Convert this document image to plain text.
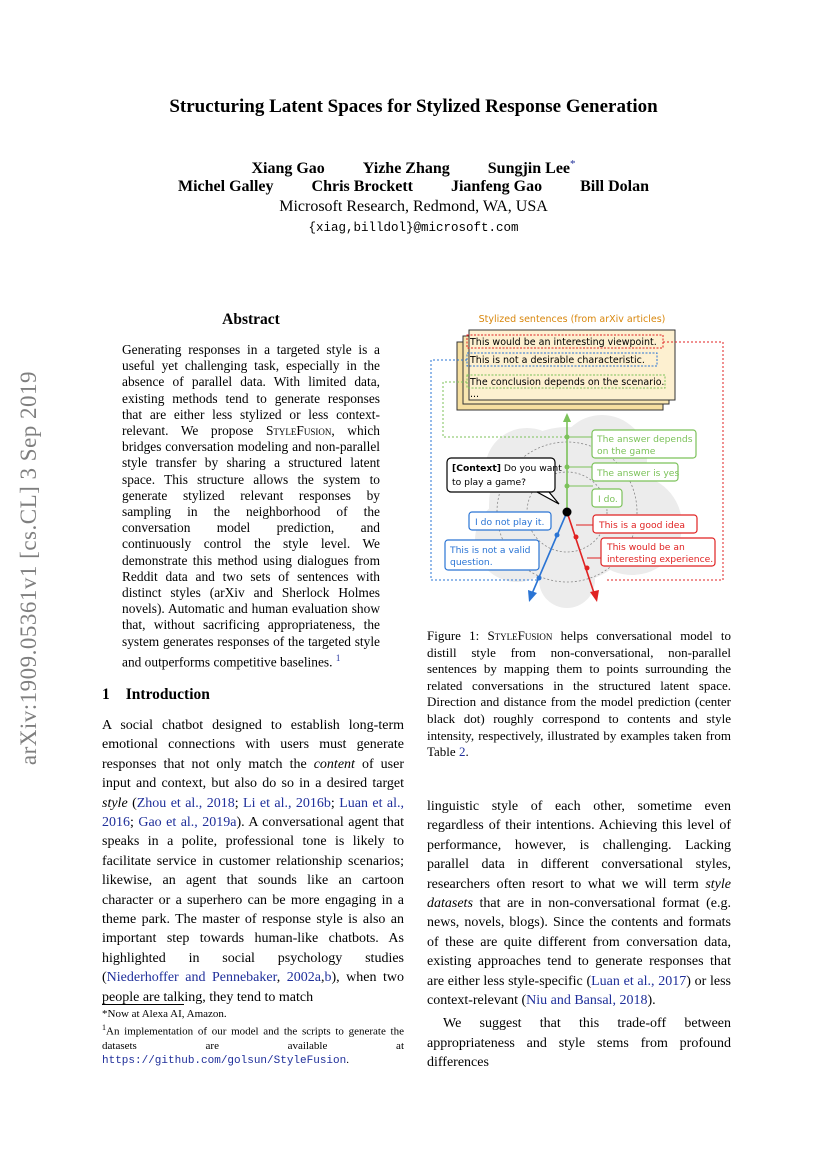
arXiv:1909.05361v1 [cs.CL] 3 Sep 2019
Structuring Latent Spaces for Stylized Response Generation
Xiang Gao Yizhe Zhang Sungjin Lee*
Michel Galley Chris Brockett Jianfeng Gao Bill Dolan
Microsoft Research, Redmond, WA, USA
{xiag,billdol}@microsoft.com
Abstract
Generating responses in a targeted style is a useful yet challenging task, especially in the absence of parallel data. With limited data, existing methods tend to generate responses that are either less stylized or less context-relevant. We propose StyleFusion, which bridges conversation modeling and non-parallel style transfer by sharing a structured latent space. This structure allows the system to generate stylized relevant responses by sampling in the neighborhood of the conversation model prediction, and continuously control the style level. We demonstrate this method using dialogues from Reddit data and two sets of sentences with distinct styles (arXiv and Sherlock Holmes novels). Automatic and human evaluation show that, without sacrificing appropriateness, the system generates responses of the targeted style and outperforms competitive baselines. $^1$
1 Introduction

A social chatbot designed to establish long-term emotional connections with users must generate responses that not only match the content of user input and context, but also do so in a desired target style (Zhou et al., 2018; Li et al., 2016b; Luan et al., 2016; Gao et al., 2019a). A conversational agent that speaks in a polite, professional tone is likely to facilitate service in customer relationship scenarios; likewise, an agent that sounds like an cartoon character or a superhero can be more engaging in a theme park. The master of response style is also an important step towards human-like chatbots. As highlighted in social psychology studies (Niederhoffer and Pennebaker, 2002a,b), when two people are talking, they tend to match

*Now at Alexa AI, Amazon.
$^1$An implementation of our model and the scripts to generate the datasets are available at https://github.com/golsun/StyleFusion.
Stylized sentences (from arXiv articles)
This would be an interesting viewpoint.
This is not a desirable characteristic.
The conclusion depends on the scenario.
...
[Context] Do you want
to play a game?
The answer depends
on the game
The answer is yes
I do.
This is a good idea
This would be an
interesting experience.
I do not play it.
This is not a valid
question.
Figure 1: StyleFusion helps conversational model to distill style from non-conversational, non-parallel sentences by mapping them to points surrounding the related conversations in the structured latent space. Direction and distance from the model prediction (center black dot) roughly correspond to contents and style intensity, respectively, illustrated by examples taken from Table 2.

linguistic style of each other, sometime even regardless of their intentions. Achieving this level of performance, however, is challenging. Lacking parallel data in different conversational styles, researchers often resort to what we will term style datasets that are in non-conversational format (e.g. news, novels, blogs). Since the contents and formats of these are quite different from conversation data, existing approaches tend to generate responses that are either less style-specific (Luan et al., 2017) or less context-relevant (Niu and Bansal, 2018).

We suggest that this trade-off between appropriateness and style stems from profound differences
